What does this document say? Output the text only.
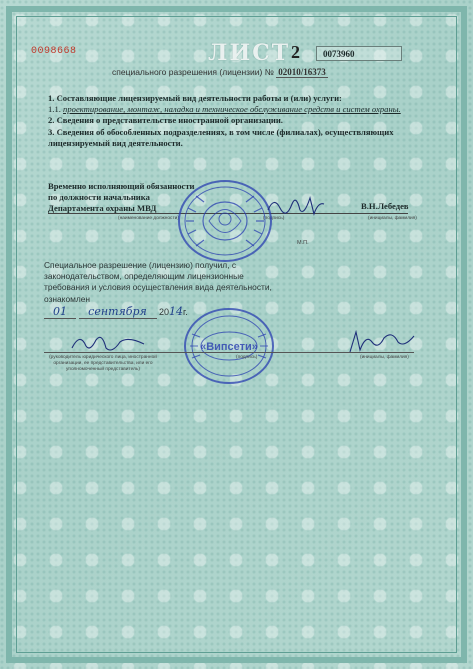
0098668	ЛИСТ 2	0073960
специального разрешения (лицензии) № 02010/16373

1. Составляющие лицензируемый вид деятельности работы и (или) услуги:

1.1. проектирование, монтаж, наладка и техническое обслуживание средств и систем охраны.

2. Сведения о представительстве иностранной организации.

3. Сведения об обособленных подразделениях, в том числе (филиалах), осуществляющих лицензируемый вид деятельности.

Временно исполняющий обязанности
по должности начальника
Департамента охраны МВД	В.Н.Лебедев
(наименование должности)	(подпись)	(инициалы, фамилия)
М.П.
Специальное разрешение (лицензию) получил, с законодательством, определяющим лицензионные требования и условия осуществления вида деятельности, ознакомлен
01 сентября 2014г.
«Випсети»
(руководитель юридического лица, иностранной организации, ее представительства, или его уполномоченный представитель)
(подпись)	(инициалы, фамилия)
